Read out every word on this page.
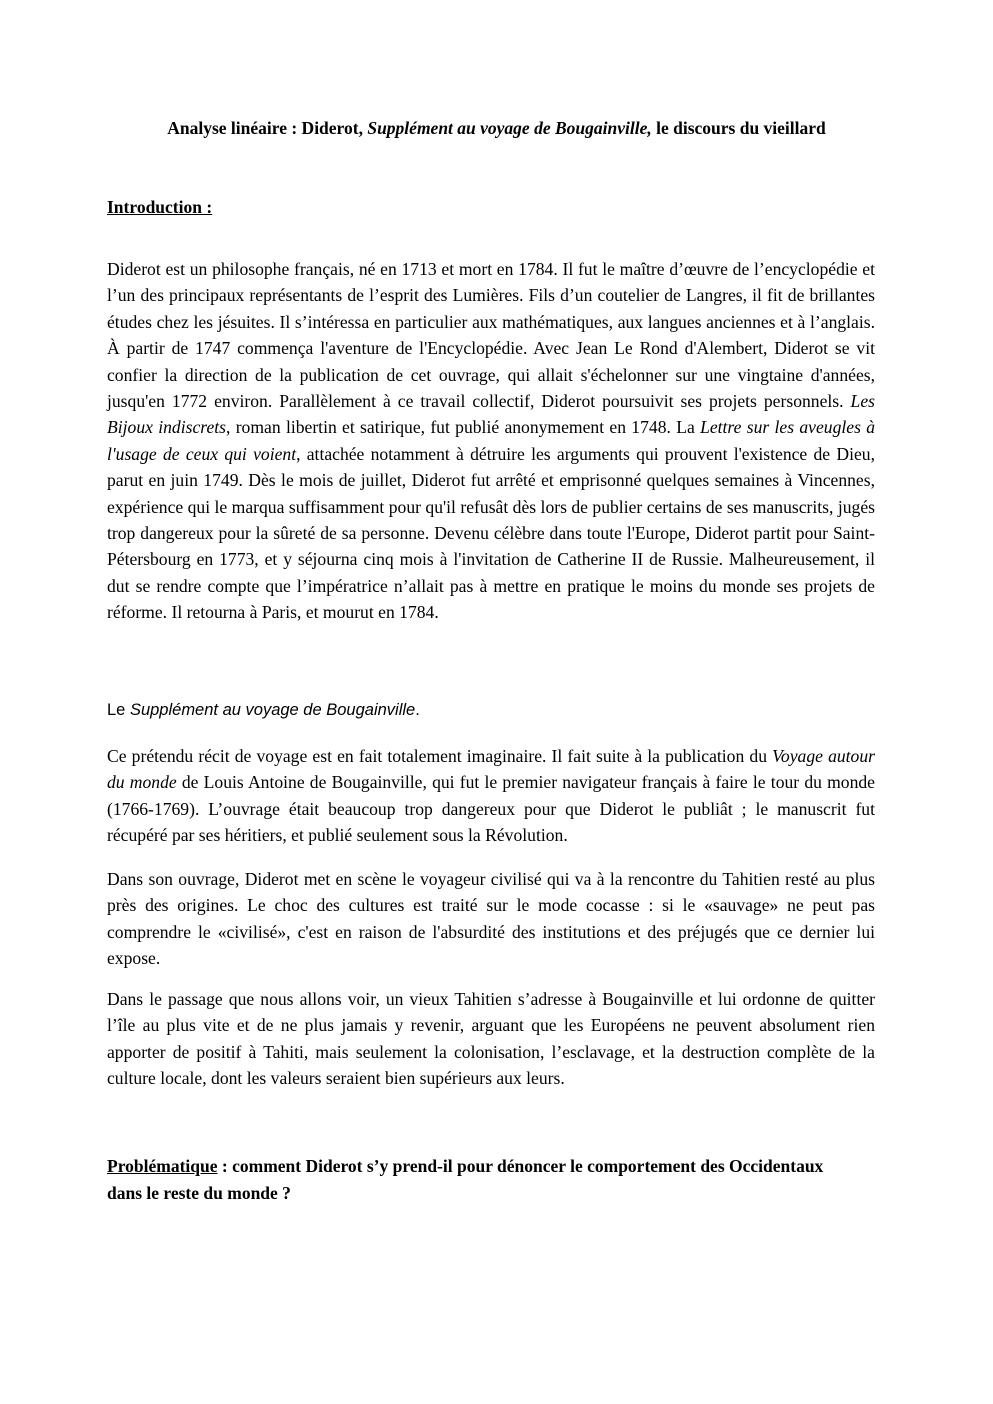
Analyse linéaire : Diderot, Supplément au voyage de Bougainville, le discours du vieillard
Introduction :
Diderot est un philosophe français, né en 1713 et mort en 1784. Il fut le maître d’œuvre de l’encyclopédie et l’un des principaux représentants de l’esprit des Lumières. Fils d’un coutelier de Langres, il fit de brillantes études chez les jésuites. Il s’intéressa en particulier aux mathématiques, aux langues anciennes et à l’anglais. À partir de 1747 commença l'aventure de l'Encyclopédie. Avec Jean Le Rond d'Alembert, Diderot se vit confier la direction de la publication de cet ouvrage, qui allait s'échelonner sur une vingtaine d'années, jusqu'en 1772 environ. Parallèlement à ce travail collectif, Diderot poursuivit ses projets personnels. Les Bijoux indiscrets, roman libertin et satirique, fut publié anonymement en 1748. La Lettre sur les aveugles à l'usage de ceux qui voient, attachée notamment à détruire les arguments qui prouvent l'existence de Dieu, parut en juin 1749. Dès le mois de juillet, Diderot fut arrêté et emprisonné quelques semaines à Vincennes, expérience qui le marqua suffisamment pour qu'il refusât dès lors de publier certains de ses manuscrits, jugés trop dangereux pour la sûreté de sa personne. Devenu célèbre dans toute l'Europe, Diderot partit pour Saint-Pétersbourg en 1773, et y séjourna cinq mois à l'invitation de Catherine II de Russie. Malheureusement, il dut se rendre compte que l’impératrice n’allait pas à mettre en pratique le moins du monde ses projets de réforme. Il retourna à Paris, et mourut en 1784.
Le Supplément au voyage de Bougainville.
Ce prétendu récit de voyage est en fait totalement imaginaire. Il fait suite à la publication du Voyage autour du monde de Louis Antoine de Bougainville, qui fut le premier navigateur français à faire le tour du monde (1766-1769). L’ouvrage était beaucoup trop dangereux pour que Diderot le publiât ; le manuscrit fut récupéré par ses héritiers, et publié seulement sous la Révolution.
Dans son ouvrage, Diderot met en scène le voyageur civilisé qui va à la rencontre du Tahitien resté au plus près des origines. Le choc des cultures est traité sur le mode cocasse : si le «sauvage» ne peut pas comprendre le «civilisé», c'est en raison de l'absurdité des institutions et des préjugés que ce dernier lui expose.
Dans le passage que nous allons voir, un vieux Tahitien s’adresse à Bougainville et lui ordonne de quitter l’île au plus vite et de ne plus jamais y revenir, arguant que les Européens ne peuvent absolument rien apporter de positif à Tahiti, mais seulement la colonisation, l’esclavage, et la destruction complète de la culture locale, dont les valeurs seraient bien supérieurs aux leurs.
Problématique : comment Diderot s’y prend-il pour dénoncer le comportement des Occidentaux dans le reste du monde ?
